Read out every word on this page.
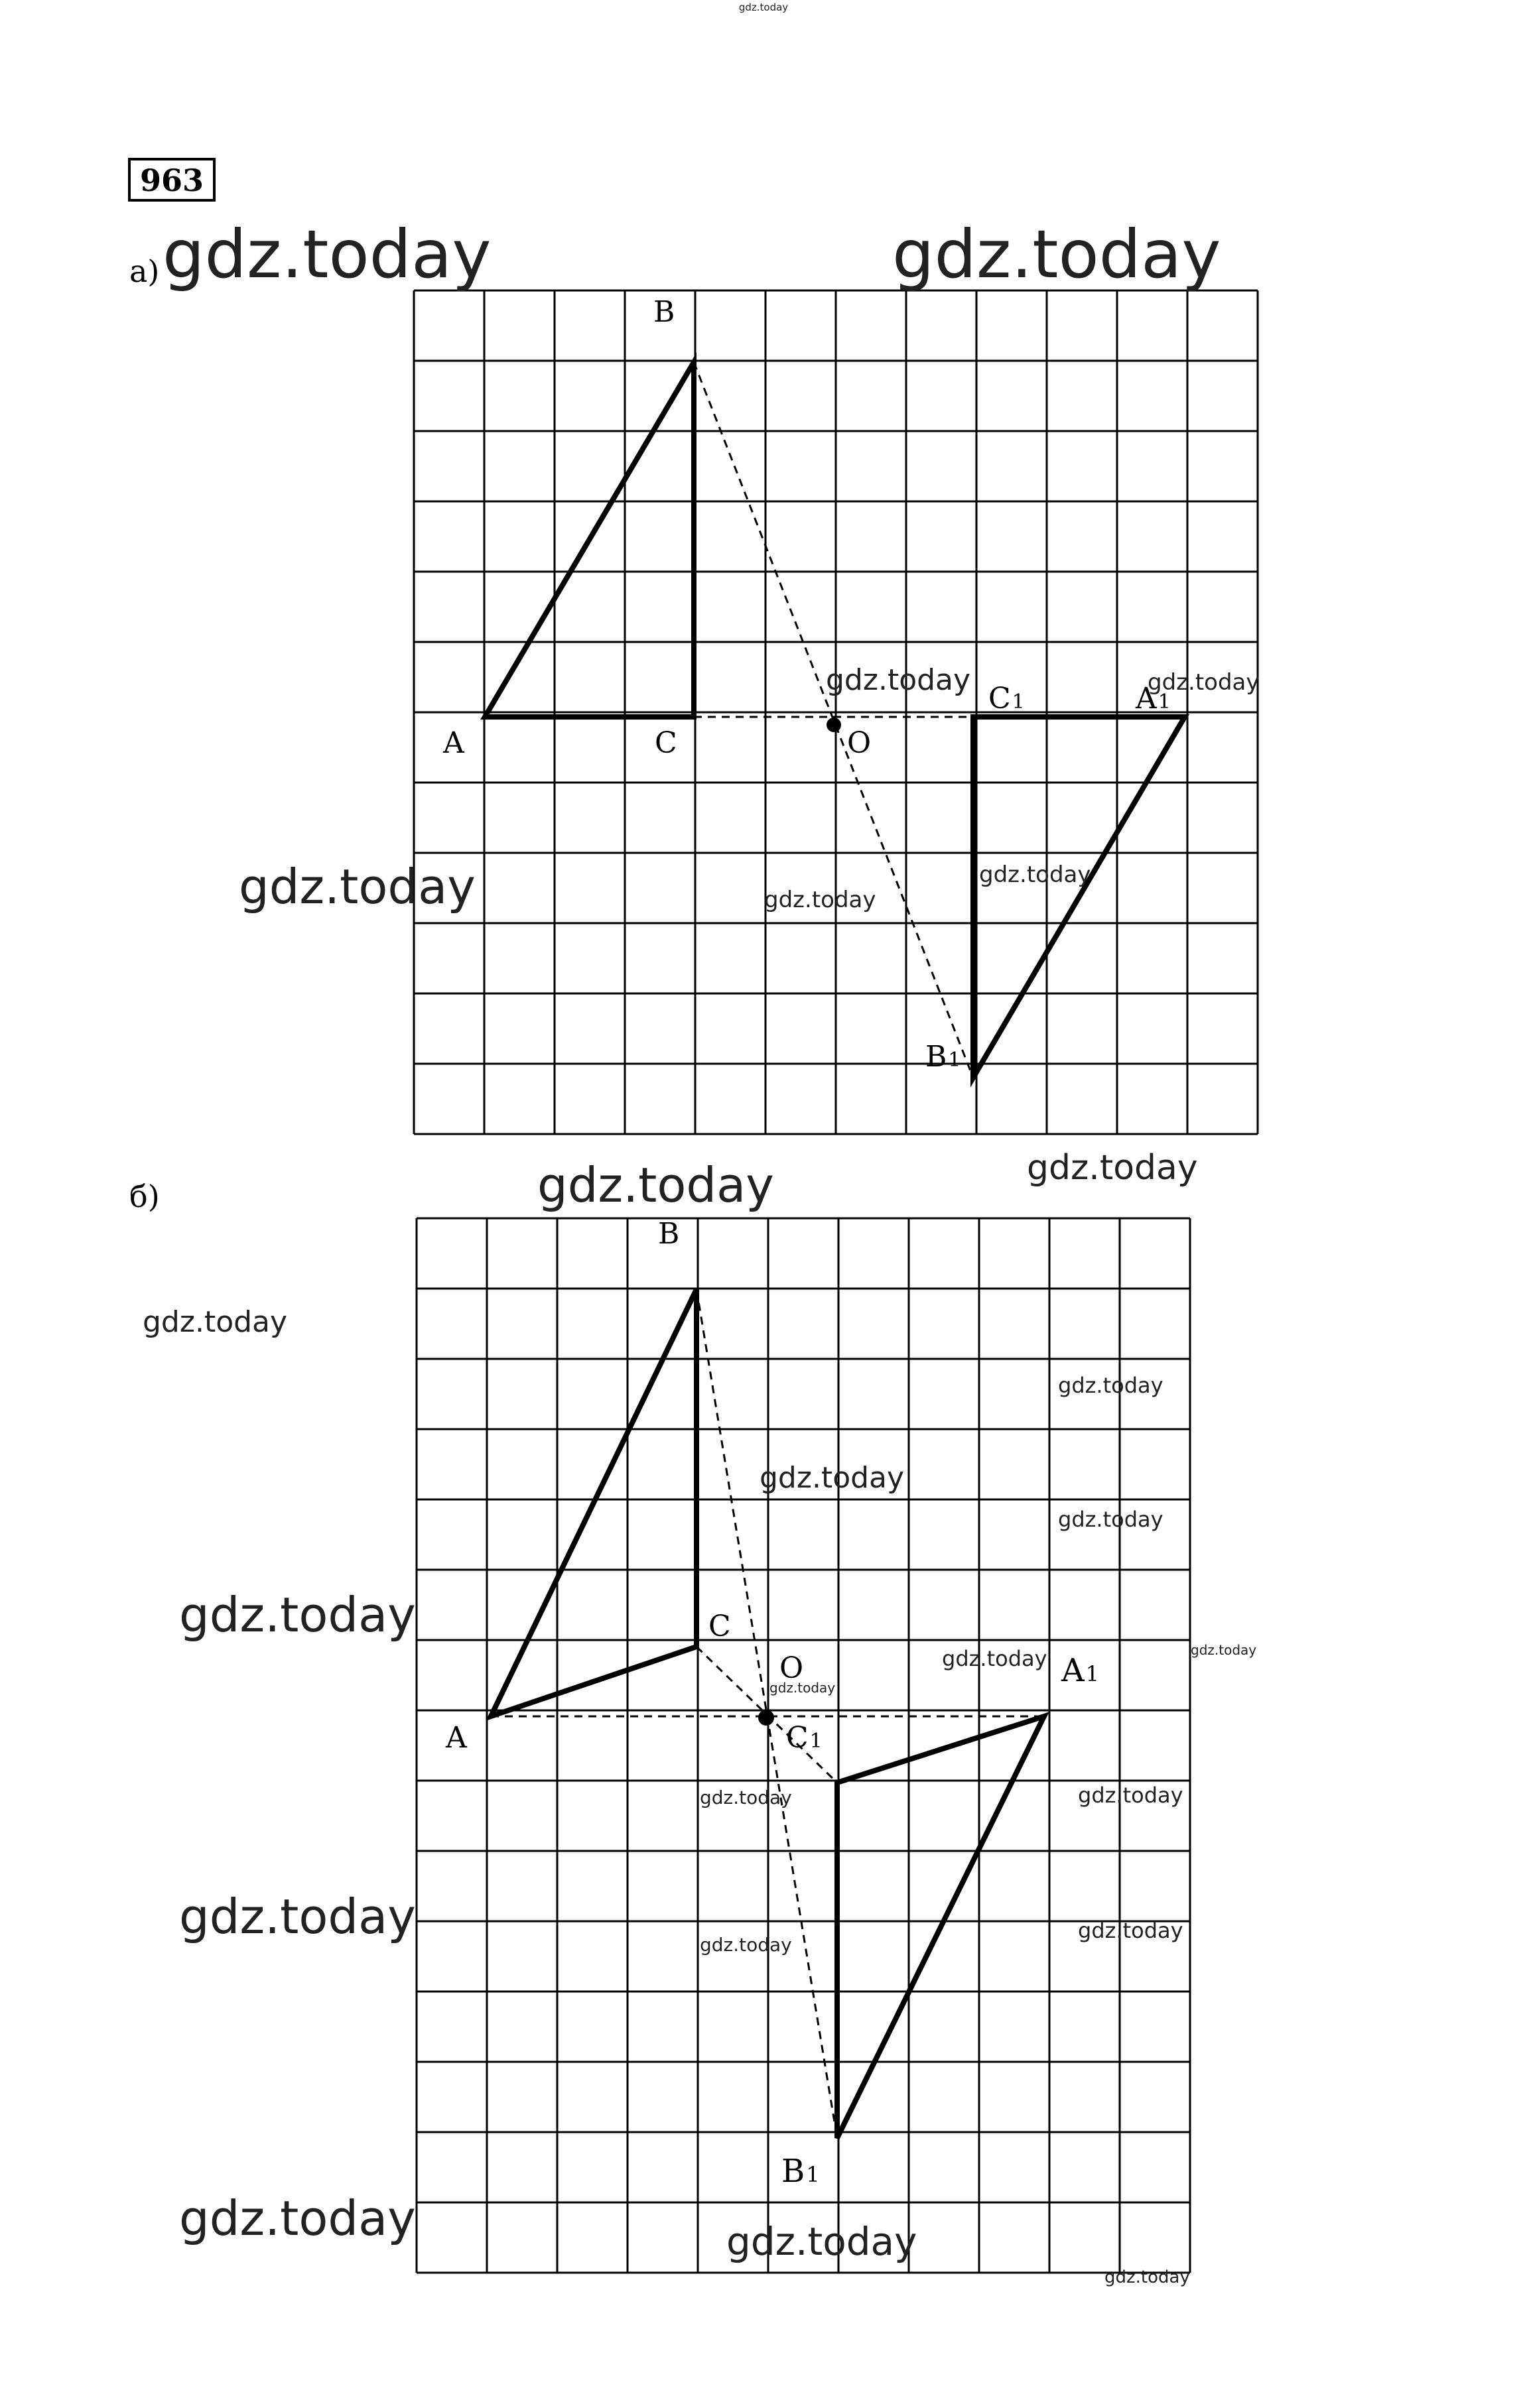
gdz.today
963
а)
B
A	C	O
C1	A1
B1
б)
B
A
C
O
C1
A1
B1
gdz.today	gdz.today
gdz.today	gdz.today
gdz.today	gdz.today
gdz.today
gdz.today	gdz.today
gdz.today
gdz.today
gdz.today
gdz.today
gdz.today
gdz.today	gdz.today
gdz.today
gdz.today	gdz.today
gdz.today
gdz.today
gdz.today
gdz.today	gdz.today
gdz.today
